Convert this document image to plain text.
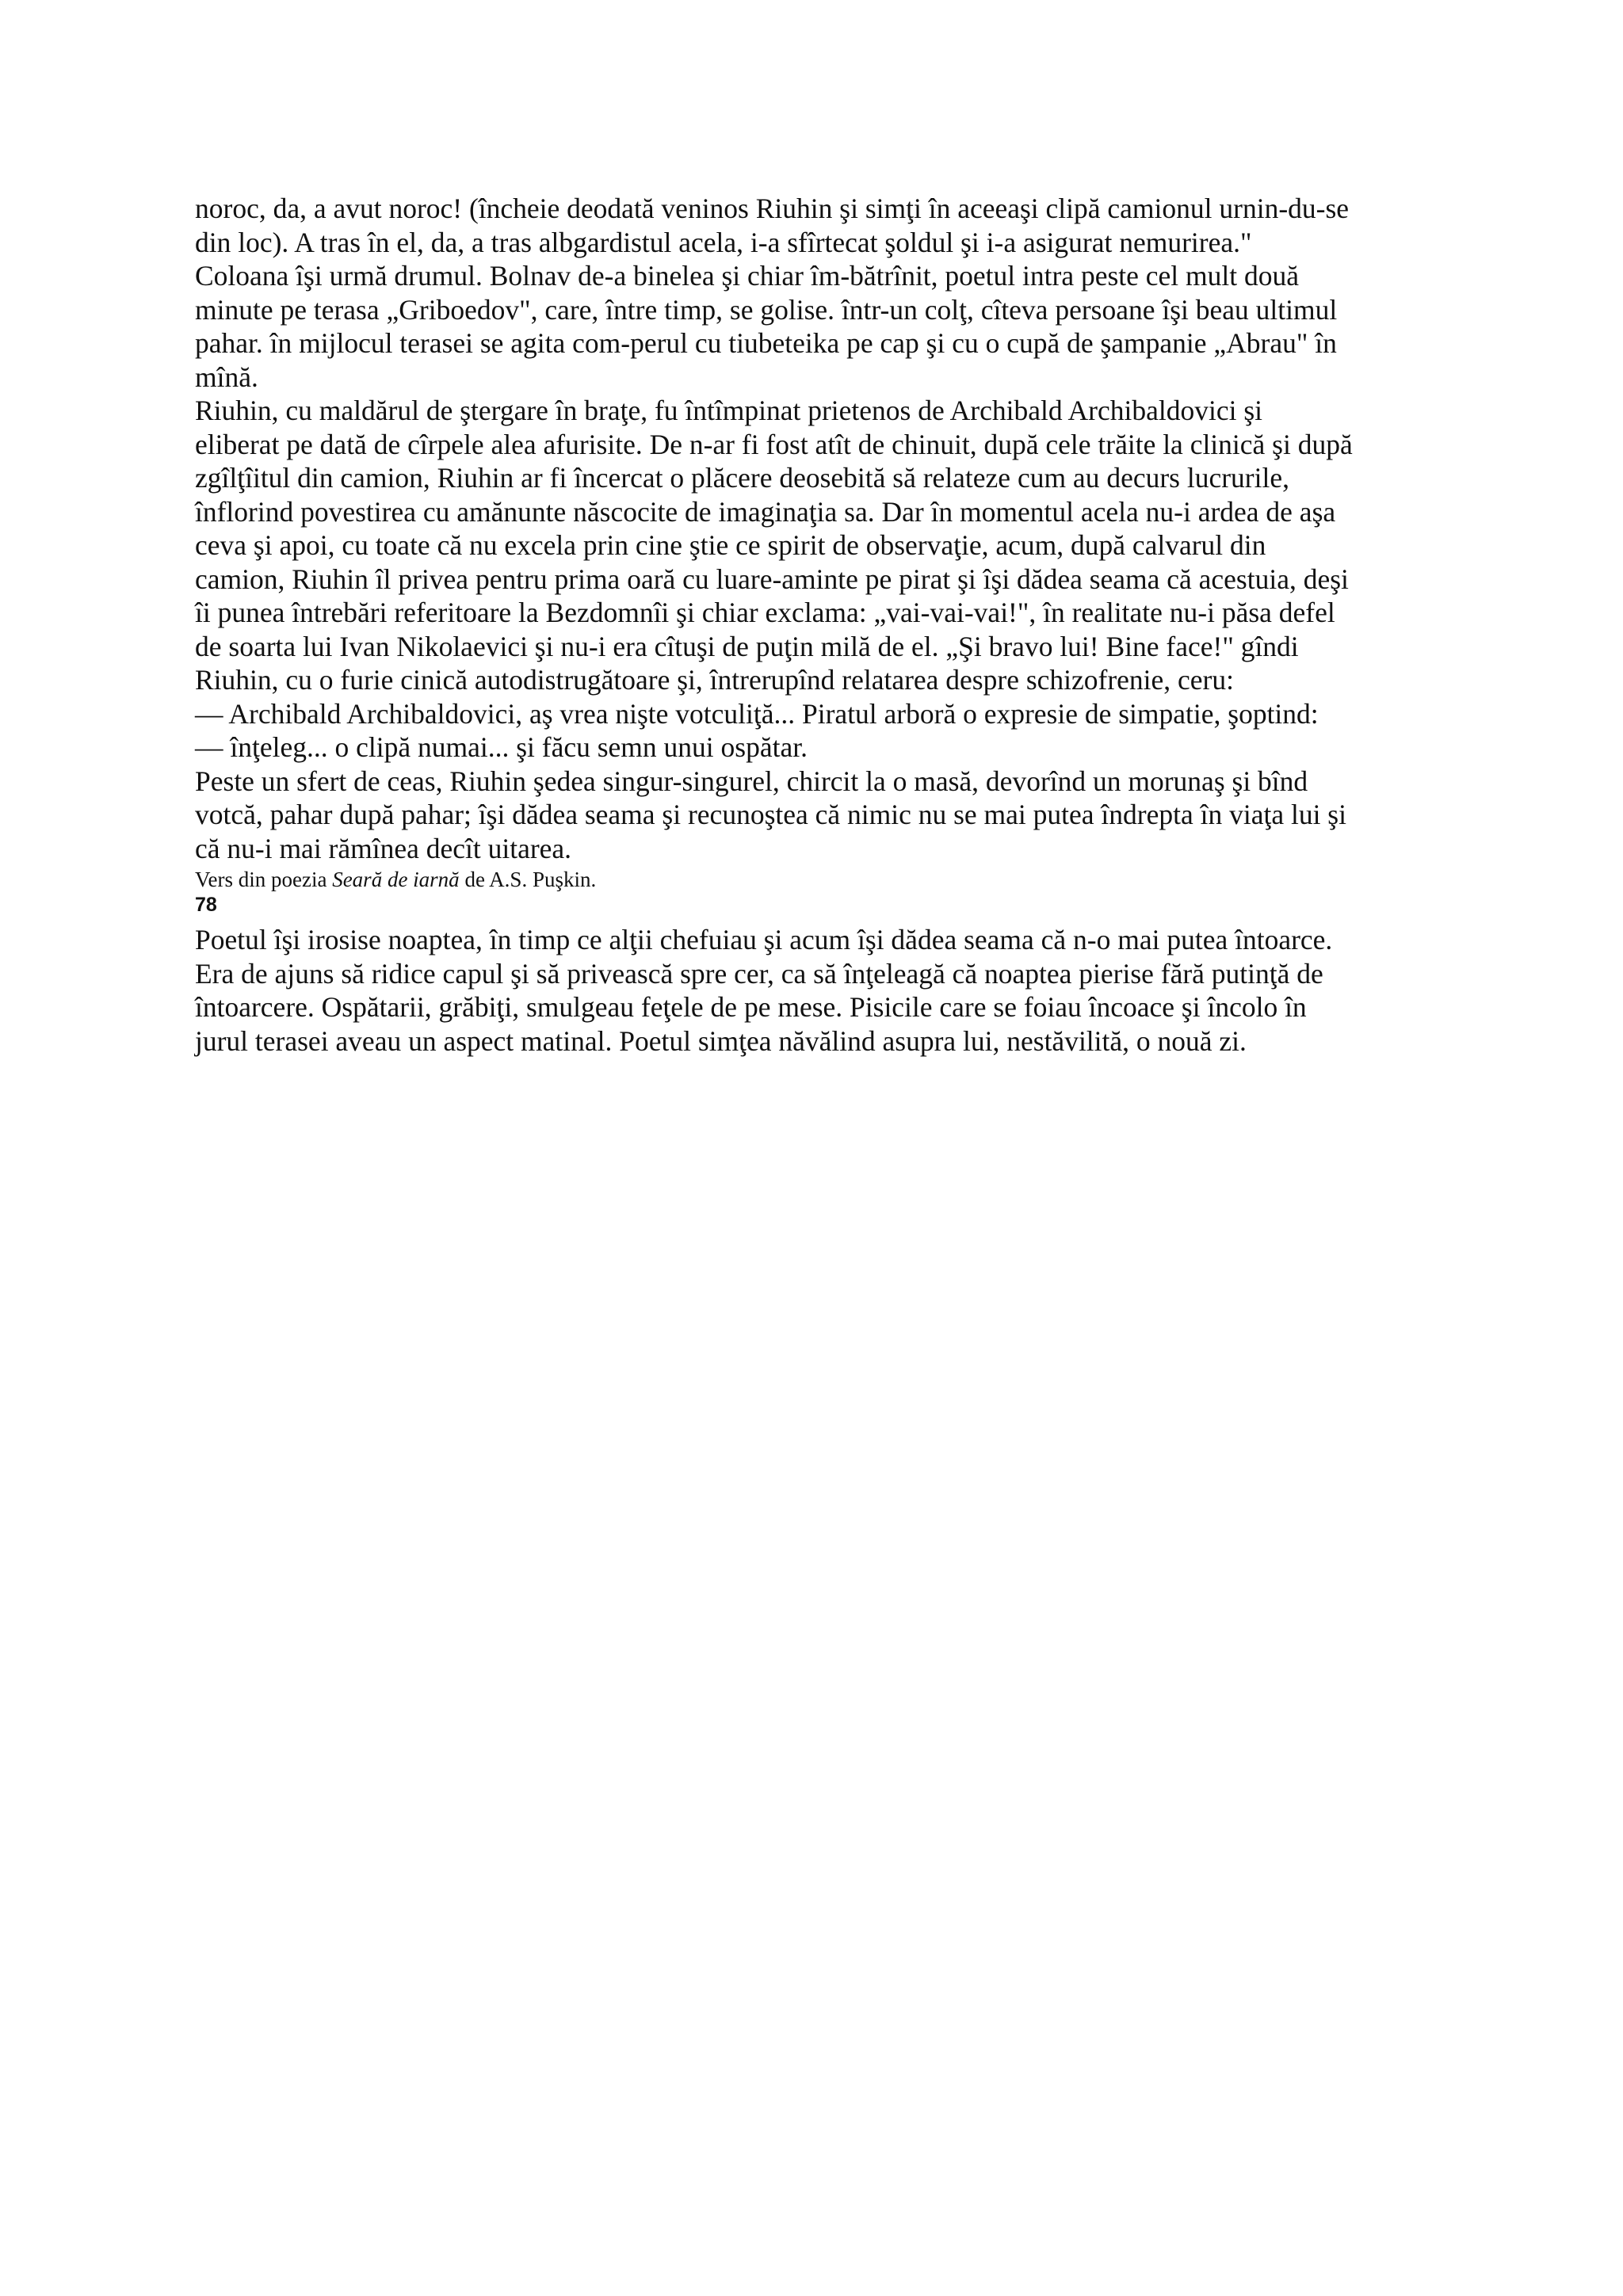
noroc, da, a avut noroc! (încheie deodată veninos Riuhin şi simţi în aceeaşi clipă camionul urnin-du-se
din loc). A tras în el, da, a tras albgardistul acela, i-a sfîrtecat şoldul şi i-a asigurat nemurirea."

Coloana îşi urmă drumul. Bolnav de-a binelea şi chiar îm-bătrînit, poetul intra peste cel mult două
minute pe terasa „Griboedov", care, între timp, se golise. într-un colţ, cîteva persoane îşi beau ultimul
pahar. în mijlocul terasei se agita com-perul cu tiubeteika pe cap şi cu o cupă de şampanie „Abrau" în
mînă.

Riuhin, cu maldărul de ştergare în braţe, fu întîmpinat prietenos de Archibald Archibaldovici şi
eliberat pe dată de cîrpele alea afurisite. De n-ar fi fost atît de chinuit, după cele trăite la clinică şi după
zgîlţîitul din camion, Riuhin ar fi încercat o plăcere deosebită să relateze cum au decurs lucrurile,
înflorind povestirea cu amănunte născocite de imaginaţia sa. Dar în momentul acela nu-i ardea de aşa
ceva şi apoi, cu toate că nu excela prin cine ştie ce spirit de observaţie, acum, după calvarul din
camion, Riuhin îl privea pentru prima oară cu luare-aminte pe pirat şi îşi dădea seama că acestuia, deşi
îi punea întrebări referitoare la Bezdomnîi şi chiar exclama: „vai-vai-vai!", în realitate nu-i păsa defel
de soarta lui Ivan Nikolaevici şi nu-i era cîtuşi de puţin milă de el. „Şi bravo lui! Bine face!" gîndi
Riuhin, cu o furie cinică autodistrugătoare şi, întrerupînd relatarea despre schizofrenie, ceru:

— Archibald Archibaldovici, aş vrea nişte votculiţă... Piratul arboră o expresie de simpatie, şoptind:

— înţeleg... o clipă numai... şi făcu semn unui ospătar.

Peste un sfert de ceas, Riuhin şedea singur-singurel, chircit la o masă, devorînd un morunaş şi bînd
votcă, pahar după pahar; îşi dădea seama şi recunoştea că nimic nu se mai putea îndrepta în viaţa lui şi
că nu-i mai rămînea decît uitarea.

Vers din poezia Seară de iarnă de A.S. Puşkin.

78

Poetul îşi irosise noaptea, în timp ce alţii chefuiau şi acum îşi dădea seama că n-o mai putea întoarce.
Era de ajuns să ridice capul şi să privească spre cer, ca să înţeleagă că noaptea pierise fără putinţă de
întoarcere. Ospătarii, grăbiţi, smulgeau feţele de pe mese. Pisicile care se foiau încoace şi încolo în
jurul terasei aveau un aspect matinal. Poetul simţea năvălind asupra lui, nestăvilită, o nouă zi.
